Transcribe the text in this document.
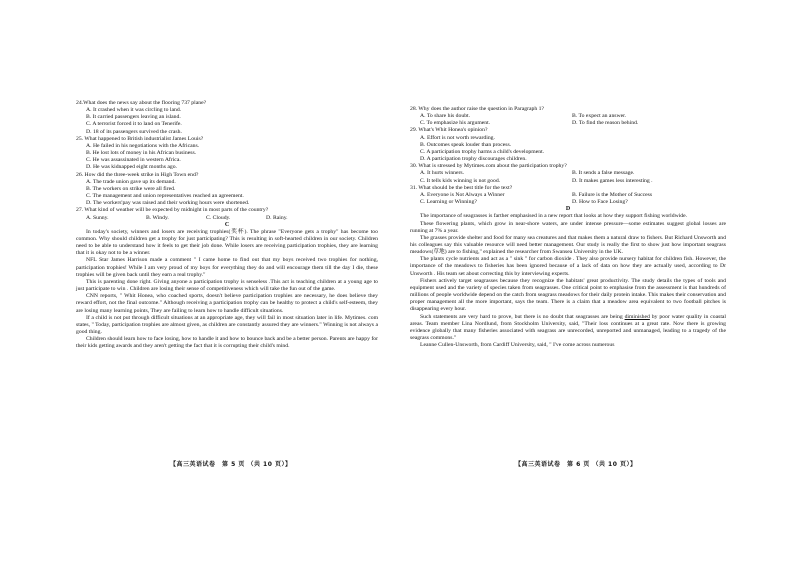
24.What does the news say about the flooring 737 plane?

A. It crashed when it was circling to land.

B. It carried passengers leaving an island.

C. A terrorist forced it to land on Tenerife.

D. 18 of its passengers survived the crash.

25. What happened to British industrialist James Louis?

A. He failed in his negotiations with the Africans.

B. He lost lots of money in his African business.

C. He was assassinated in western Africa.

D. He was kidnapped eight months ago.

26. How did the three-week strike in High Town end?

A. The trade union gave up its demand.

B. The workers on strike were all fired.

C. The management and union representatives reached an agreement.

D. The workers'pay was raised and their working hours were shortened.

27. What kind of weather will be expected by midnight in most parts of the country?

A. Sunny.	B. Windy.	C. Cloudy.	D. Rainy.

C

In today's society, winners and losers are receiving trophies(奖杯). The phrase "Everyone gets a trophy" has become too common. Why should children get a trophy for just participating? This is resulting in soft-hearted children in our society. Children need to be able to understand how it feels to get their job done. While losers are receiving participation trophies, they are learning that it is okay not to be a winner.

NFL Star James Harrison made a comment " I came home to find out that my boys received two trophies for nothing, participation trophies! While I am very proud of my boys for everything they do and will encourage them till the day I die, these trophies will be given back until they earn a real trophy."

This is parenting done right. Giving anyone a participation trophy is senseless .This act is teaching children at a young age to just participate to win . Children are losing their sense of competitiveness which will take the fun out of the game.

CNN reports, " Whit Honea, who coached sports, doesn't believe participation trophies are necessary, he does believe they reward effort, not the final outcome." Although receiving a participation trophy can be healthy to protect a child's self-esteem, they are losing many learning points, They are failing to learn how to handle difficult situations.

If a child is not put through difficult situations at an appropriate age, they will fail in most situation later in life. Mytimes. com states, " Today, participation trophies are almost given, as children are constantly assured they are winners." Winning is not always a good thing.

Children should learn how to face losing, how to handle it and how to bounce back and be a better person. Parents are happy for their kids getting awards and they aren't getting the fact that it is corrupting their child's mind.

28. Why does the author raise the question in Paragraph 1?

A. To share his doubt.	B. To expect an answer.
C. To emphasize his argument.	D. To find the reason behind.

29. What's Whit Honea's opinion?

A. Effort is not worth rewarding.

B. Outcomes speak louder than process.

C. A participation trophy harms a child's development.

D. A participation trophy discourages children.

30. What is stressed by Mytimes.com about the participation trophy?

A. It hurts winners.	B. It sends a false message.
C. It tells kids winning is not good.	D. It makes games less interesting .

31. What should be the best title for the text?

A. Everyone is Not Always a Winner	B. Failure is the Mother of Success
C. Learning or Winning?	D. How to Face Losing?

D

The importance of seagrasses is farther emphasised in a new report that looks at how they support fishing worldwide.

These flowering plants, which grow in near-shore waters, are under intense pressure—some estimates suggest global losses are running at 7% a year.

The grasses provide shelter and food for many sea creatures and that makes them a natural draw to fishers. But Richard Unsworth and his colleagues say this valuable resource will need better management. Our study is really the first to show just how important seagrass meadows(草地) are to fishing," explained the researcher from Swansea University in the UK.

The plants cycle nutrients and act as a " sink " for carbon dioxide . They also provide nursery habitat for children fish. However, the importance of the meadows to fisheries has been ignored because of a lack of data on how they are actually used, according to Dr Unsworth . His team set about correcting this by interviewing experts.

Fishers actively target seagrasses because they recognize the habitats' great productivity. The study details the types of tools and equipment used and the variety of species taken from seagrasses. One critical point to emphasise from the assessment is that hundreds of millions of people worldwide depend on the catch from seagrass meadows for their daily protein intake. This makes their conservation and proper management all the more important, says the team. There is a claim that a meadow area equivalent to two football pitches is disappearing every hour.

Such statements are very hard to prove, but there is no doubt that seagrasses are being diminished by poor water quality in coastal areas. Team member Lina Nordlund, from Stockholm University, said, "Their loss continues at a great rate. Now there is growing evidence globally that many fisheries associated with seagrass are unrecorded, unreported and unmanaged, leading to a tragedy of the seagrass commons."

Leanne Cullen-Unsworth, from Cardiff University, said, " I've come across numerous

【高三英语试卷　第 5 页 （共 10 页）】	【高三英语试卷　第 6 页 （共 10 页）】
